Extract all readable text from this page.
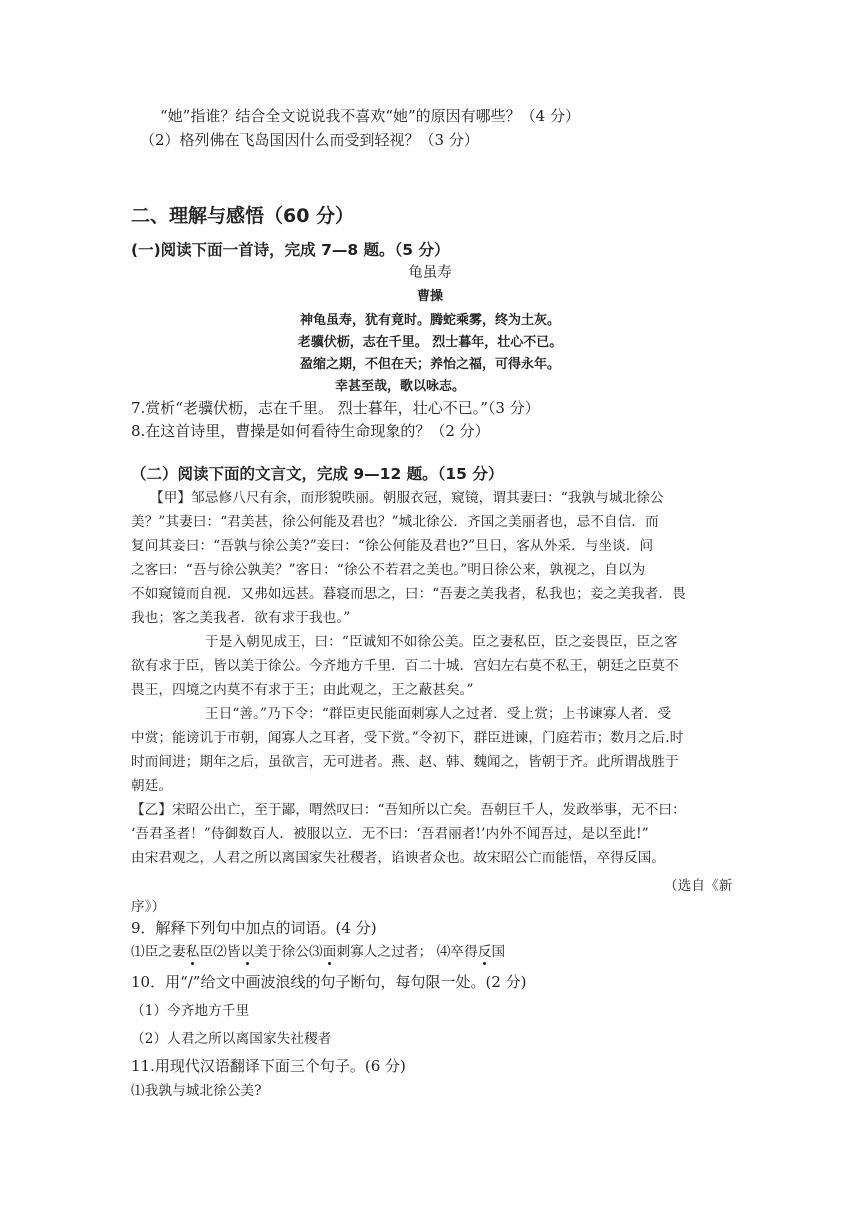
“她”指谁？结合全文说说我不喜欢“她”的原因有哪些？（4 分）
（2）格列佛在飞岛国因什么而受到轻视？（3 分）
二、理解与感悟（60 分）
(一)阅读下面一首诗，完成 7—8 题。（5 分）
龟虽寿
曹操
神龟虽寿，犹有竟时。腾蛇乘雾，终为土灰。
老骥伏枥，志在千里。 烈士暮年，壮心不已。
盈缩之期，不但在天；养怡之福，可得永年。
幸甚至哉，歌以咏志。
7.赏析“老骥伏枥，志在千里。 烈士暮年，壮心不已。”（3 分）
8.在这首诗里，曹操是如何看待生命现象的？（2 分）
（二）阅读下面的文言文，完成 9—12 题。（15 分）
【甲】邹忌修八尺有余，而形貌昳丽。朝服衣冠，窥镜，谓其妻曰：“我孰与城北徐公
美？”其妻曰：“君美甚，徐公何能及君也？”城北徐公．齐国之美丽者也，忌不自信．而
复问其妾曰：“吾孰与徐公美?”妾曰：“徐公何能及君也?”旦日，客从外采．与坐谈．问
之客曰：“吾与徐公孰美？”客日：“徐公不若君之美也。”明日徐公来，孰视之，自以为
不如窥镜而自视．又弗如远甚。暮寝而思之，曰：“吾妻之美我者，私我也；妾之美我者．畏
我也；客之美我者．欲有求于我也。”
于是入朝见成王，曰：“臣诚知不如徐公美。臣之妻私臣，臣之妾畏臣，臣之客
欲有求于臣，皆以美于徐公。今齐地方千里．百二十城．宫妇左右莫不私王，朝廷之臣莫不
畏王，四境之内莫不有求于王；由此观之，王之蔽甚矣。”
王日“善。”乃下令：“群臣吏民能面刺寡人之过者．受上赏；上书谏寡人者．受
中赏；能谤讥于市朝，闻寡人之耳者，受下赏。”令初下，群臣进谏，门庭若市；数月之后.时
时而间进；期年之后，虽欲言，无可进者。燕、赵、韩、魏闻之，皆朝于齐。此所谓战胜于
朝廷。
【乙】宋昭公出亡，至于鄙，喟然叹曰：“吾知所以亡矣。吾朝巨千人，发政举事，无不曰：
‘吾君圣者！”侍御数百人．被服以立．无不曰：‘吾君丽者!’内外不闻吾过，是以至此!”
由宋君观之，人君之所以离国家失社稷者，谄谀者众也。故宋昭公亡而能悟，卒得反国。
（选自《新
序》）
9．解释下列句中加点的词语。(4 分)
⑴臣之妻私臣⑵皆以美于徐公⑶面刺寡人之过者； ⑷卒得反国
10．用“/”给文中画波浪线的句子断句，每句限一处。(2 分)
（1）今齐地方千里
（2）人君之所以离国家失社稷者
11.用现代汉语翻译下面三个句子。(6 分)
⑴我孰与城北徐公美?
